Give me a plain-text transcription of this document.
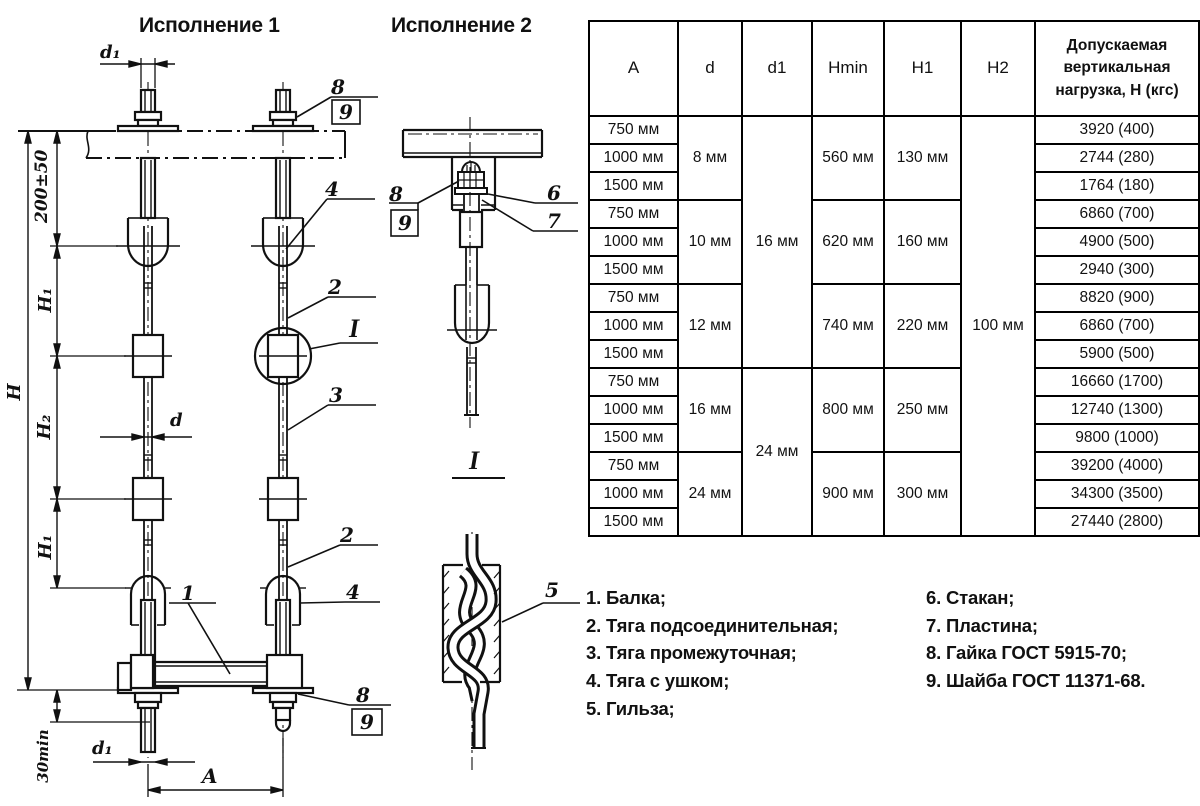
Исполнение 1	Исполнение 2
d₁
200±50
H
H₁
H₂
H₁
d
30min d₁
A
8
9
4
2
I
3
2
1	4
8
9
8
9
6
7
I
5
A	d	d1	Hmin	H1	H2	Допускаемая вертикальная нагрузка, Н (кгс)
750 мм	8 мм	16 мм	560 мм	130 мм	100 мм	3920 (400)
1000 мм						2744 (280)
1500 мм						1764 (180)
750 мм	10 мм		620 мм	160 мм		6860 (700)
1000 мм						4900 (500)
1500 мм						2940 (300)
750 мм	12 мм		740 мм	220 мм		8820 (900)
1000 мм						6860 (700)
1500 мм						5900 (500)
750 мм	16 мм	24 мм	800 мм	250 мм		16660 (1700)
1000 мм						12740 (1300)
1500 мм						9800 (1000)
750 мм	24 мм		900 мм	300 мм		39200 (4000)
1000 мм						34300 (3500)
1500 мм						27440 (2800)
1. Балка;
2. Тяга подсоединительная;
3. Тяга промежуточная;
4. Тяга с ушком;
5. Гильза;
6. Стакан;
7. Пластина;
8. Гайка ГОСТ 5915-70;
9. Шайба ГОСТ 11371-68.
